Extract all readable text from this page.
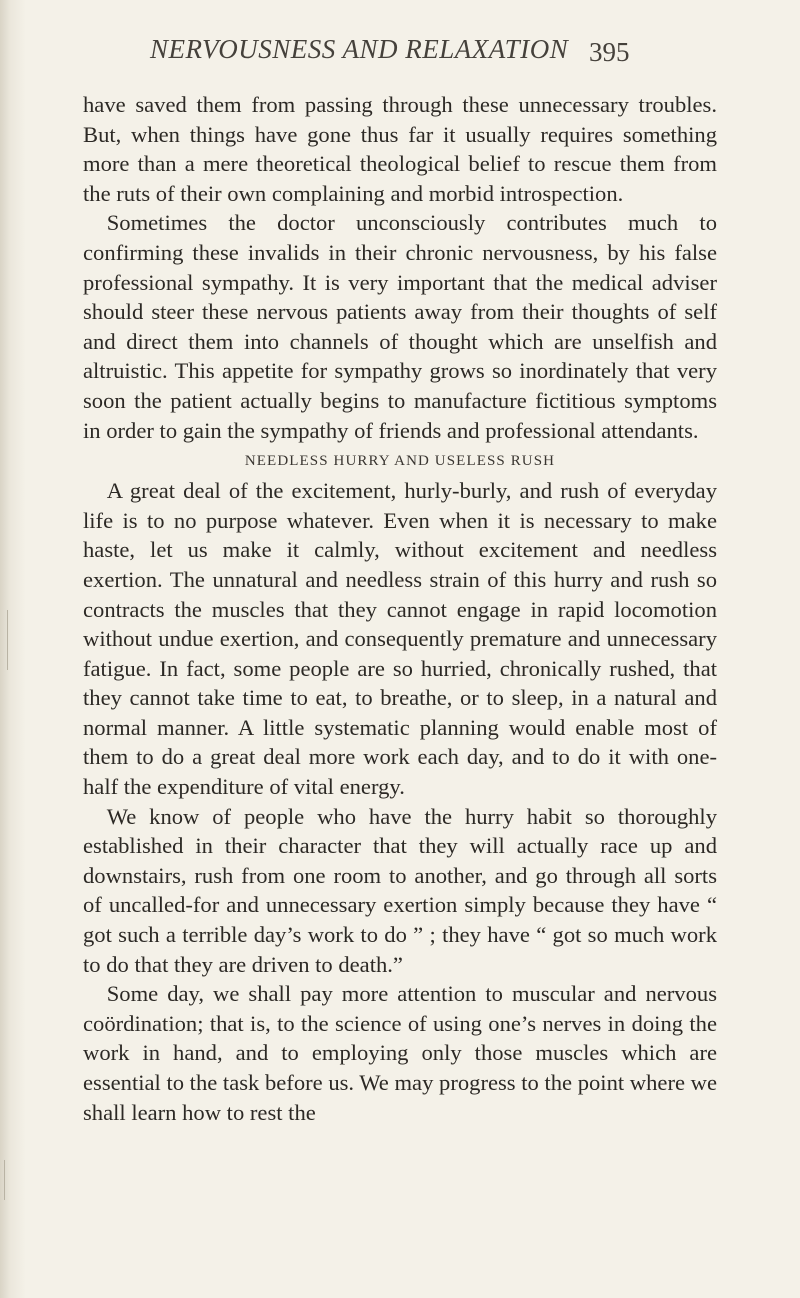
NERVOUSNESS AND RELAXATION 395

have saved them from passing through these unnecessary troubles. But, when things have gone thus far it usually requires something more than a mere theoretical theological belief to rescue them from the ruts of their own complaining and morbid introspection.

Sometimes the doctor unconsciously contributes much to confirming these invalids in their chronic nervousness, by his false professional sympathy. It is very important that the medical adviser should steer these nervous patients away from their thoughts of self and direct them into channels of thought which are unselfish and altruistic. This appetite for sympathy grows so inordinately that very soon the patient actually begins to manufacture fictitious symptoms in order to gain the sympathy of friends and professional attendants.

NEEDLESS HURRY AND USELESS RUSH

A great deal of the excitement, hurly-burly, and rush of everyday life is to no purpose whatever. Even when it is necessary to make haste, let us make it calmly, without excitement and needless exertion. The unnatural and needless strain of this hurry and rush so contracts the muscles that they cannot engage in rapid locomotion without undue exertion, and consequently premature and unnecessary fatigue. In fact, some people are so hurried, chronically rushed, that they cannot take time to eat, to breathe, or to sleep, in a natural and normal manner. A little systematic planning would enable most of them to do a great deal more work each day, and to do it with one-half the expenditure of vital energy.

We know of people who have the hurry habit so thoroughly established in their character that they will actually race up and downstairs, rush from one room to another, and go through all sorts of uncalled-for and unnecessary exertion simply because they have “ got such a terrible day’s work to do ” ; they have “ got so much work to do that they are driven to death.”

Some day, we shall pay more attention to muscular and nervous coördination; that is, to the science of using one’s nerves in doing the work in hand, and to employing only those muscles which are essential to the task before us. We may progress to the point where we shall learn how to rest the
